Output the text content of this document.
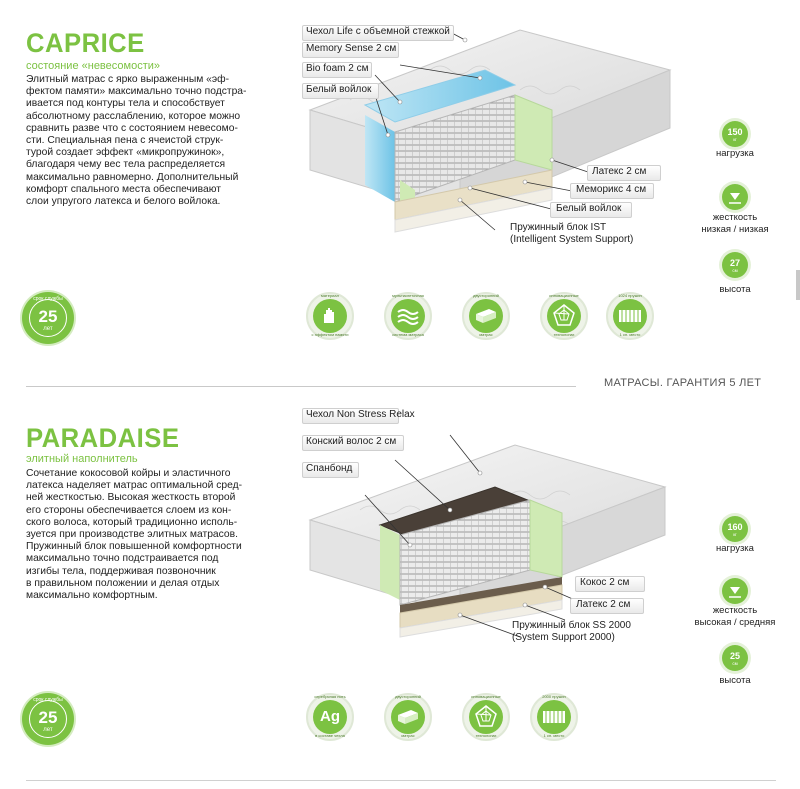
CAPRICE
состояние «невесомости»
Элитный матрас с ярко выраженным «эф-
фектом памяти» максимально точно подстра-
ивается под контуры тела и способствует
абсолютному расслаблению, которое можно
сравнить разве что с состоянием невесомо-
сти. Специальная пена с ячеистой струк-
турой создает эффект «микропружинок»,
благодаря чему вес тела распределяется
максимально равномерно. Дополнительный
комфорт спального места обеспечивают
слои упругого латекса и белого войлока.
Чехол Life с объемной стежкой
Memory Sense 2 см
Bio foam 2 см
Белый войлок
Латекс 2 см
Меморикс 4 см
Белый войлок
Пружинный блок IST
(Intelligent System Support)
срок службы
25
лет
материал
с эффектом памяти
мультиклеточная
система матраса
двусторонний
матрас
инновационные
технологии
1024 пружин
1 сп. место
150
кг
нагрузка
жесткость
низкая / низкая
27
см
высота
МАТРАСЫ. ГАРАНТИЯ 5 ЛЕТ
PARADAISE
элитный наполнитель
Сочетание кокосовой койры и эластичного
латекса наделяет матрас оптимальной сред-
ней жесткостью. Высокая жесткость второй
его стороны обеспечивается слоем из кон-
ского волоса, который традиционно исполь-
зуется при производстве элитных матрасов.
Пружинный блок повышенной комфортности
максимально точно подстраивается под
изгибы тела, поддерживая позвоночник
в правильном положении и делая отдых
максимально комфортным.
Чехол Non Stress Relax
Конский волос 2 см
Спанбонд
Кокос 2 см
Латекс 2 см
Пружинный блок SS 2000
(System Support 2000)
срок службы
25
лет
серебряная нить
Ag
в составе чехла
двусторонний
матрас
инновационные
технологии
2000 пружин
1 сп. место
160
кг
нагрузка
жесткость
высокая / средняя
25
см
высота
